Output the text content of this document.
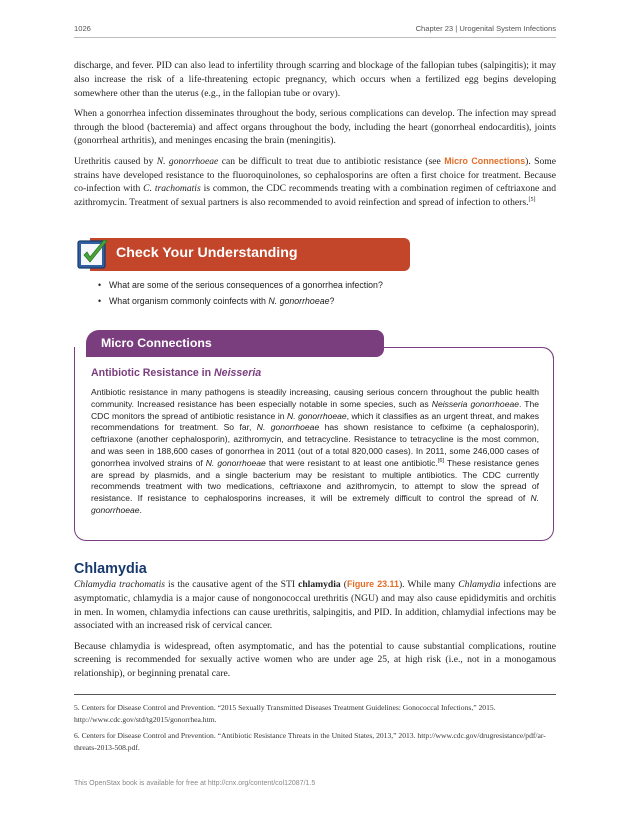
1026	Chapter 23 | Urogenital System Infections

discharge, and fever. PID can also lead to infertility through scarring and blockage of the fallopian tubes (salpingitis); it may also increase the risk of a life-threatening ectopic pregnancy, which occurs when a fertilized egg begins developing somewhere other than the uterus (e.g., in the fallopian tube or ovary).

When a gonorrhea infection disseminates throughout the body, serious complications can develop. The infection may spread through the blood (bacteremia) and affect organs throughout the body, including the heart (gonorrheal endocarditis), joints (gonorrheal arthritis), and meninges encasing the brain (meningitis).

Urethritis caused by N. gonorrhoeae can be difficult to treat due to antibiotic resistance (see Micro Connections). Some strains have developed resistance to the fluoroquinolones, so cephalosporins are often a first choice for treatment. Because co-infection with C. trachomatis is common, the CDC recommends treating with a combination regimen of ceftriaxone and azithromycin. Treatment of sexual partners is also recommended to avoid reinfection and spread of infection to others.[5]

Check Your Understanding
• What are some of the serious consequences of a gonorrhea infection?
• What organism commonly coinfects with N. gonorrhoeae?
Micro Connections
Antibiotic Resistance in Neisseria
Antibiotic resistance in many pathogens is steadily increasing, causing serious concern throughout the public health community. Increased resistance has been especially notable in some species, such as Neisseria gonorrhoeae. The CDC monitors the spread of antibiotic resistance in N. gonorrhoeae, which it classifies as an urgent threat, and makes recommendations for treatment. So far, N. gonorrhoeae has shown resistance to cefixime (a cephalosporin), ceftriaxone (another cephalosporin), azithromycin, and tetracycline. Resistance to tetracycline is the most common, and was seen in 188,600 cases of gonorrhea in 2011 (out of a total 820,000 cases). In 2011, some 246,000 cases of gonorrhea involved strains of N. gonorrhoeae that were resistant to at least one antibiotic.[6] These resistance genes are spread by plasmids, and a single bacterium may be resistant to multiple antibiotics. The CDC currently recommends treatment with two medications, ceftriaxone and azithromycin, to attempt to slow the spread of resistance. If resistance to cephalosporins increases, it will be extremely difficult to control the spread of N. gonorrhoeae.
Chlamydia

Chlamydia trachomatis is the causative agent of the STI chlamydia (Figure 23.11). While many Chlamydia infections are asymptomatic, chlamydia is a major cause of nongonococcal urethritis (NGU) and may also cause epididymitis and orchitis in men. In women, chlamydia infections can cause urethritis, salpingitis, and PID. In addition, chlamydial infections may be associated with an increased risk of cervical cancer.

Because chlamydia is widespread, often asymptomatic, and has the potential to cause substantial complications, routine screening is recommended for sexually active women who are under age 25, at high risk (i.e., not in a monogamous relationship), or beginning prenatal care.

5. Centers for Disease Control and Prevention. “2015 Sexually Transmitted Diseases Treatment Guidelines: Gonococcal Infections,” 2015. http://www.cdc.gov/std/tg2015/gonorrhea.htm.

6. Centers for Disease Control and Prevention. “Antibiotic Resistance Threats in the United States, 2013,” 2013. http://www.cdc.gov/drugresistance/pdf/ar-threats-2013-508.pdf.

This OpenStax book is available for free at http://cnx.org/content/col12087/1.5
